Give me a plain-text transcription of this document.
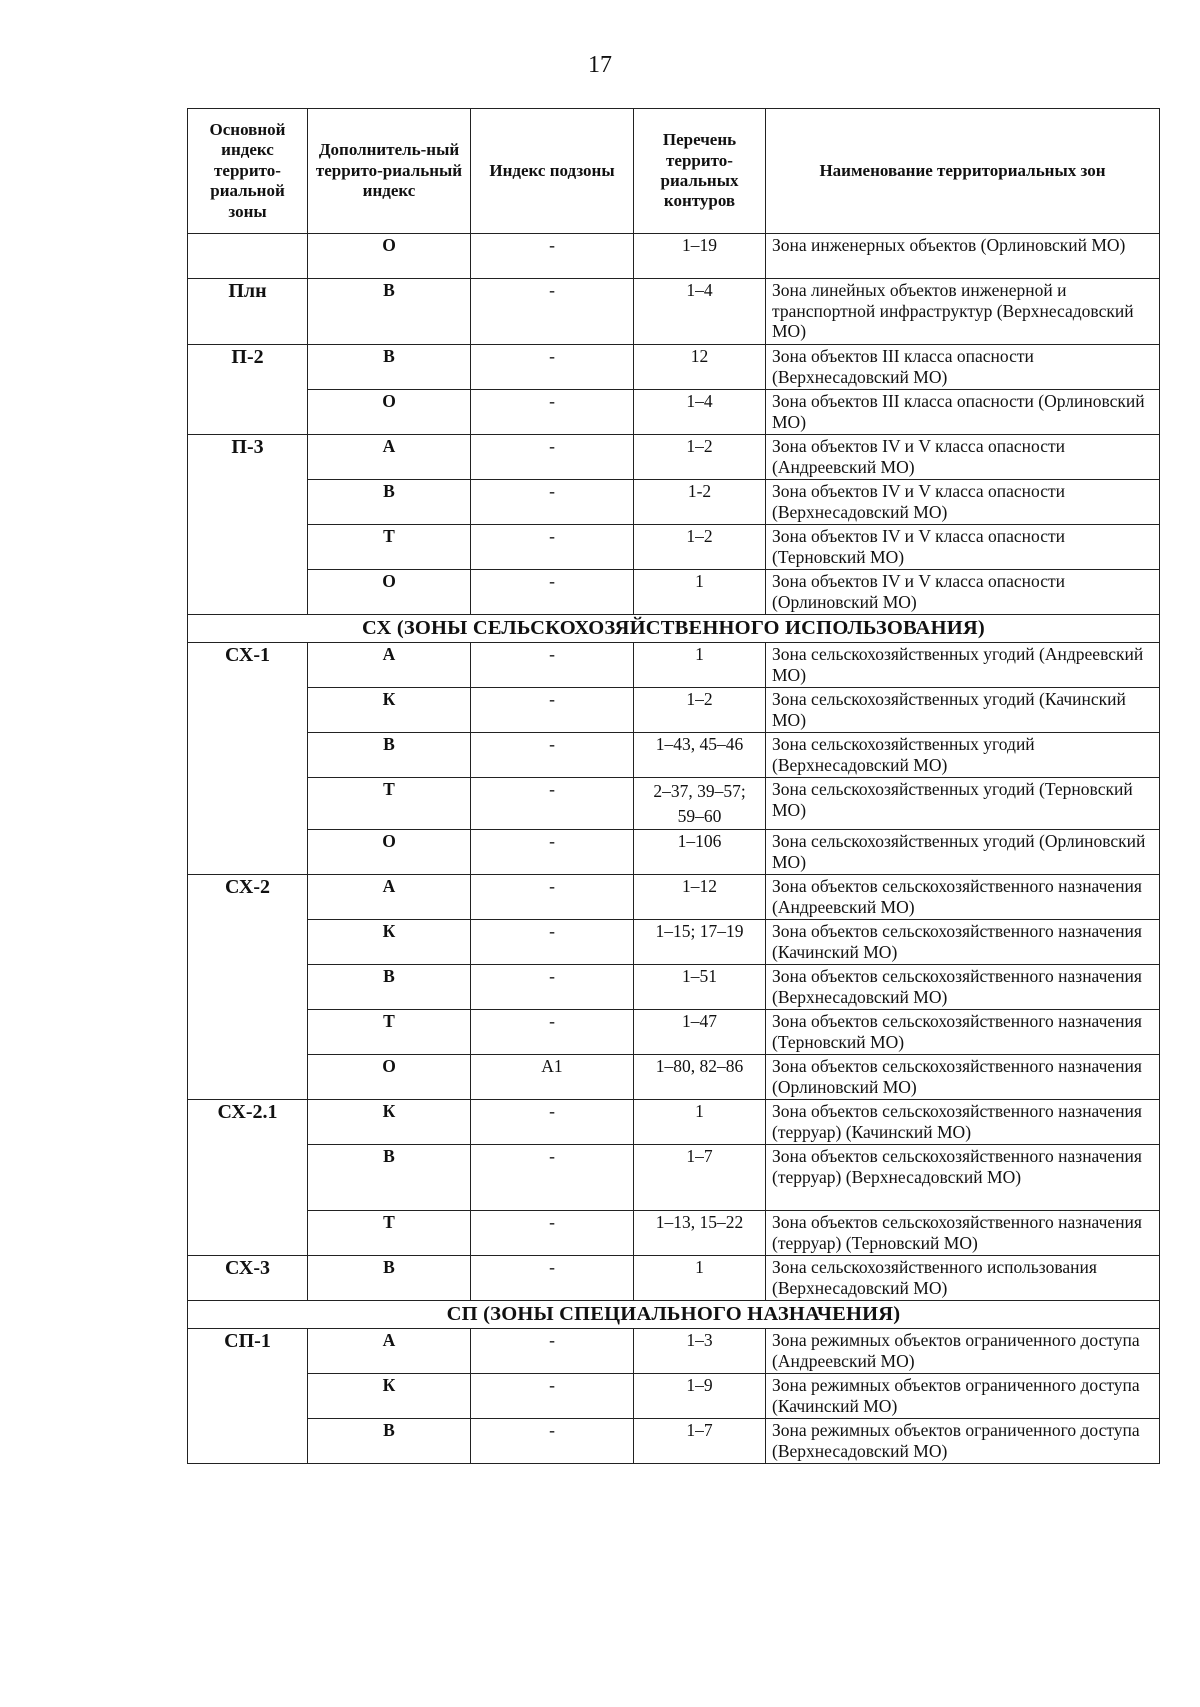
17
Основной индекс террито-риальной зоны	Дополнитель-ный террито-риальный индекс	Индекс подзоны	Перечень террито-риальных контуров	Наименование территориальных зон
	О	-	1–19	Зона инженерных объектов (Орлиновский МО)
Плн	В	-	1–4	Зона линейных объектов инженерной и транспортной инфраструктур (Верхнесадовский МО)
П-2	В	-	12	Зона объектов III класса опасности (Верхнесадовский МО)
	О	-	1–4	Зона объектов III класса опасности (Орлиновский МО)
П-3	А	-	1–2	Зона объектов IV и V класса опасности (Андреевский МО)
	В	-	1-2	Зона объектов IV и V класса опасности (Верхнесадовский МО)
	Т	-	1–2	Зона объектов IV и V класса опасности (Терновский МО)
	О	-	1	Зона объектов IV и V класса опасности (Орлиновский МО)
СХ (ЗОНЫ СЕЛЬСКОХОЗЯЙСТВЕННОГО ИСПОЛЬЗОВАНИЯ)				
СХ-1	А	-	1	Зона сельскохозяйственных угодий (Андреевский МО)
	К	-	1–2	Зона сельскохозяйственных угодий (Качинский МО)
	В	-	1–43, 45–46	Зона сельскохозяйственных угодий (Верхнесадовский МО)
	Т	-	2–37, 39–57; 59–60	Зона сельскохозяйственных угодий (Терновский МО)
	О	-	1–106	Зона сельскохозяйственных угодий (Орлиновский МО)
СХ-2	А	-	1–12	Зона объектов сельскохозяйственного назначения (Андреевский МО)
	К	-	1–15; 17–19	Зона объектов сельскохозяйственного назначения (Качинский МО)
	В	-	1–51	Зона объектов сельскохозяйственного назначения (Верхнесадовский МО)
	Т	-	1–47	Зона объектов сельскохозяйственного назначения (Терновский МО)
	О	А1	1–80, 82–86	Зона объектов сельскохозяйственного назначения (Орлиновский МО)
СХ-2.1	К	-	1	Зона объектов сельскохозяйственного назначения (терруар) (Качинский МО)
	В	-	1–7	Зона объектов сельскохозяйственного назначения (терруар) (Верхнесадовский МО)
	Т	-	1–13, 15–22	Зона объектов сельскохозяйственного назначения (терруар) (Терновский МО)
СХ-3	В	-	1	Зона сельскохозяйственного использования (Верхнесадовский МО)
СП (ЗОНЫ СПЕЦИАЛЬНОГО НАЗНАЧЕНИЯ)				
СП-1	А	-	1–3	Зона режимных объектов ограниченного доступа (Андреевский МО)
	К	-	1–9	Зона режимных объектов ограниченного доступа (Качинский МО)
	В	-	1–7	Зона режимных объектов ограниченного доступа (Верхнесадовский МО)
